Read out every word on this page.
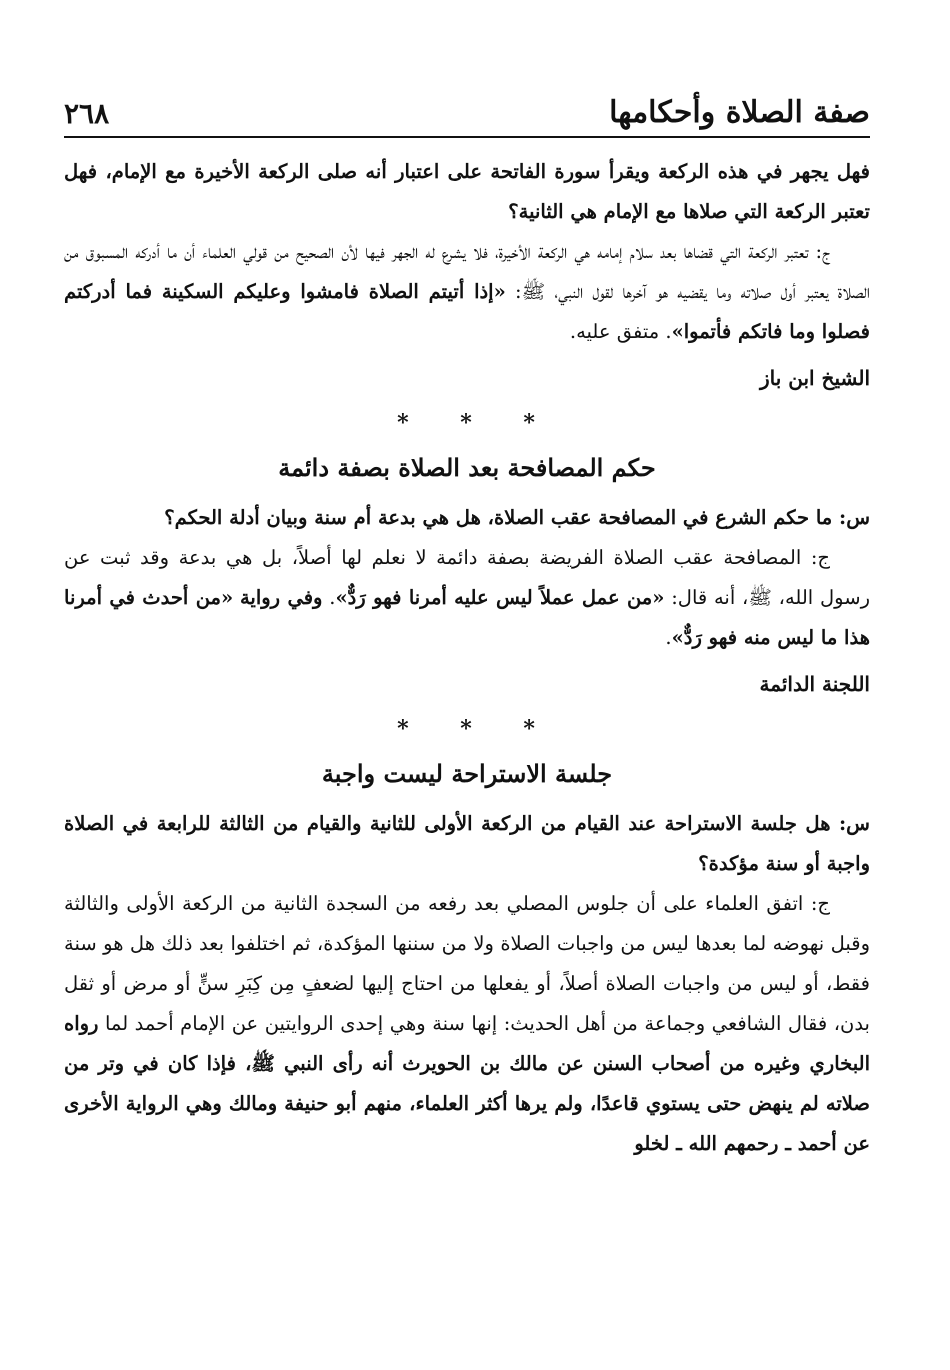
صفة الصلاة وأحكامها
٢٦٨

فهل يجهر في هذه الركعة ويقرأ سورة الفاتحة على اعتبار أنه صلى الركعة الأخيرة مع الإمام، فهل تعتبر الركعة التي صلاها مع الإمام هي الثانية؟

ج: تعتبر الركعة التي قضاها بعد سلام إمامه هي الركعة الأخيرة، فلا يشرع له الجهر فيها لأن الصحيح من قولي العلماء أن ما أدركه المسبوق من الصلاة يعتبر أول صلاته وما يقضيه هو آخرها لقول النبي، ﷺ: «إذا أتيتم الصلاة فامشوا وعليكم السكينة فما أدركتم فصلوا وما فاتكم فأتموا». متفق عليه.

الشيخ ابن باز
* * *
حكم المصافحة بعد الصلاة بصفة دائمة

س: ما حكم الشرع في المصافحة عقب الصلاة، هل هي بدعة أم سنة وبيان أدلة الحكم؟

ج: المصافحة عقب الصلاة الفريضة بصفة دائمة لا نعلم لها أصلاً، بل هي بدعة وقد ثبت عن رسول الله، ﷺ، أنه قال: «من عمل عملاً ليس عليه أمرنا فهو رَدٌّ». وفي رواية «من أحدث في أمرنا هذا ما ليس منه فهو رَدٌّ».

اللجنة الدائمة
* * *
جلسة الاستراحة ليست واجبة

س: هل جلسة الاستراحة عند القيام من الركعة الأولى للثانية والقيام من الثالثة للرابعة في الصلاة واجبة أو سنة مؤكدة؟

ج: اتفق العلماء على أن جلوس المصلي بعد رفعه من السجدة الثانية من الركعة الأولى والثالثة وقبل نهوضه لما بعدها ليس من واجبات الصلاة ولا من سننها المؤكدة، ثم اختلفوا بعد ذلك هل هو سنة فقط، أو ليس من واجبات الصلاة أصلاً، أو يفعلها من احتاج إليها لضعفٍ مِن كِبَرِ سنٍّ أو مرض أو ثقل بدن، فقال الشافعي وجماعة من أهل الحديث: إنها سنة وهي إحدى الروايتين عن الإمام أحمد لما رواه البخاري وغيره من أصحاب السنن عن مالك بن الحويرث أنه رأى النبي ﷺ، فإذا كان في وتر من صلاته لم ينهض حتى يستوي قاعدًا، ولم يرها أكثر العلماء، منهم أبو حنيفة ومالك وهي الرواية الأخرى عن أحمد ـ رحمهم الله ـ لخلو
